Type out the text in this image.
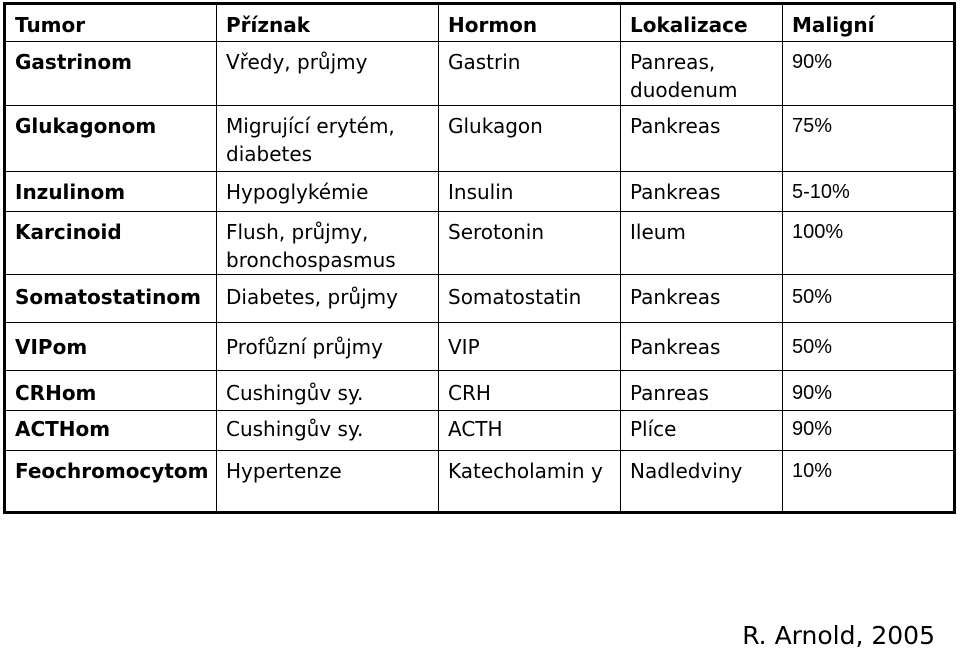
Tumor	Příznak	Hormon	Lokalizace	Maligní
Gastrinom	Vředy, průjmy	Gastrin	Panreas, duodenum	90%
Glukagonom	Migrující erytém, diabetes	Glukagon	Pankreas	75%
Inzulinom	Hypoglykémie	Insulin	Pankreas	5-10%
Karcinoid	Flush, průjmy, bronchospasmus	Serotonin	Ileum	100%
Somatostatinom	Diabetes, průjmy	Somatostatin	Pankreas	50%
VIPom	Profůzní průjmy	VIP	Pankreas	50%
CRHom	Cushingův sy.	CRH	Panreas	90%
ACTHom	Cushingův sy.	ACTH	Plíce	90%
Feochromocytom	Hypertenze	Katecholamin y	Nadledviny	10%
R. Arnold, 2005
